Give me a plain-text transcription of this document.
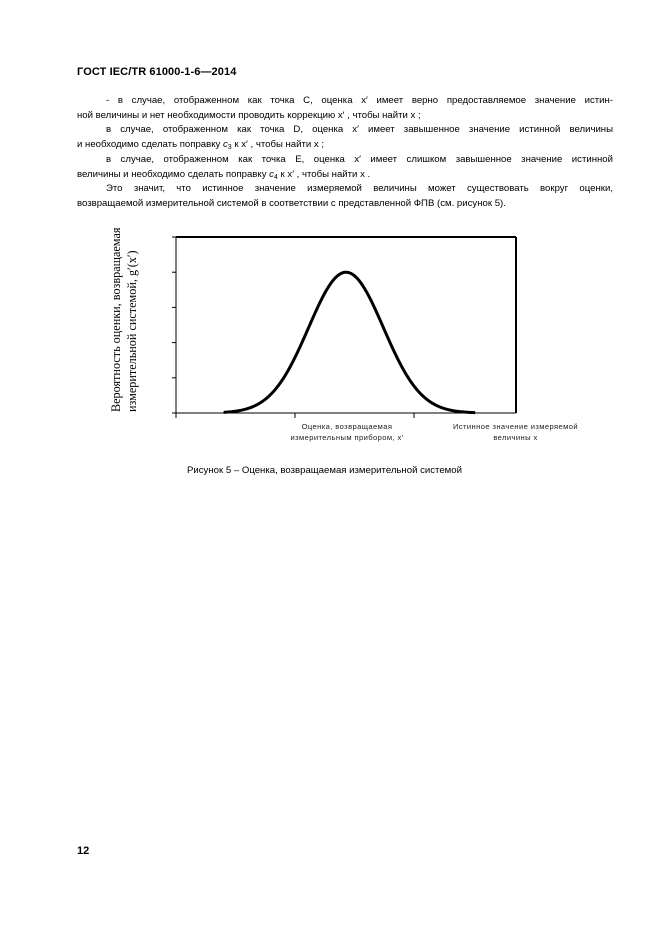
ГОСТ IEC/TR 61000-1-6—2014
- в случае, отображенном как точка C, оценка x′ имеет верно предоставляемое значение истин-
ной величины и нет необходимости проводить коррекцию x′ , чтобы найти x ;
в случае, отображенном как точка D, оценка x′ имеет завышенное значение истинной величины
и необходимо сделать поправку $c_3$ к x′ , чтобы найти x ;
в случае, отображенном как точка E, оценка x′ имеет слишком завышенное значение истинной
величины и необходимо сделать поправку $c_4$ к x′ , чтобы найти x .
Это значит, что истинное значение измеряемой величины может существовать вокруг оценки,
возвращаемой измерительной системой в соответствии с представленной ФПВ (см. рисунок 5).
Вероятность оценки, возвращаемая измерительной системой, g′(x′)
Оценка, возвращаемая
измерительным прибором, x′
Истинное значение измеряемой
величины x
Рисунок 5 – Оценка, возвращаемая измерительной системой
12
